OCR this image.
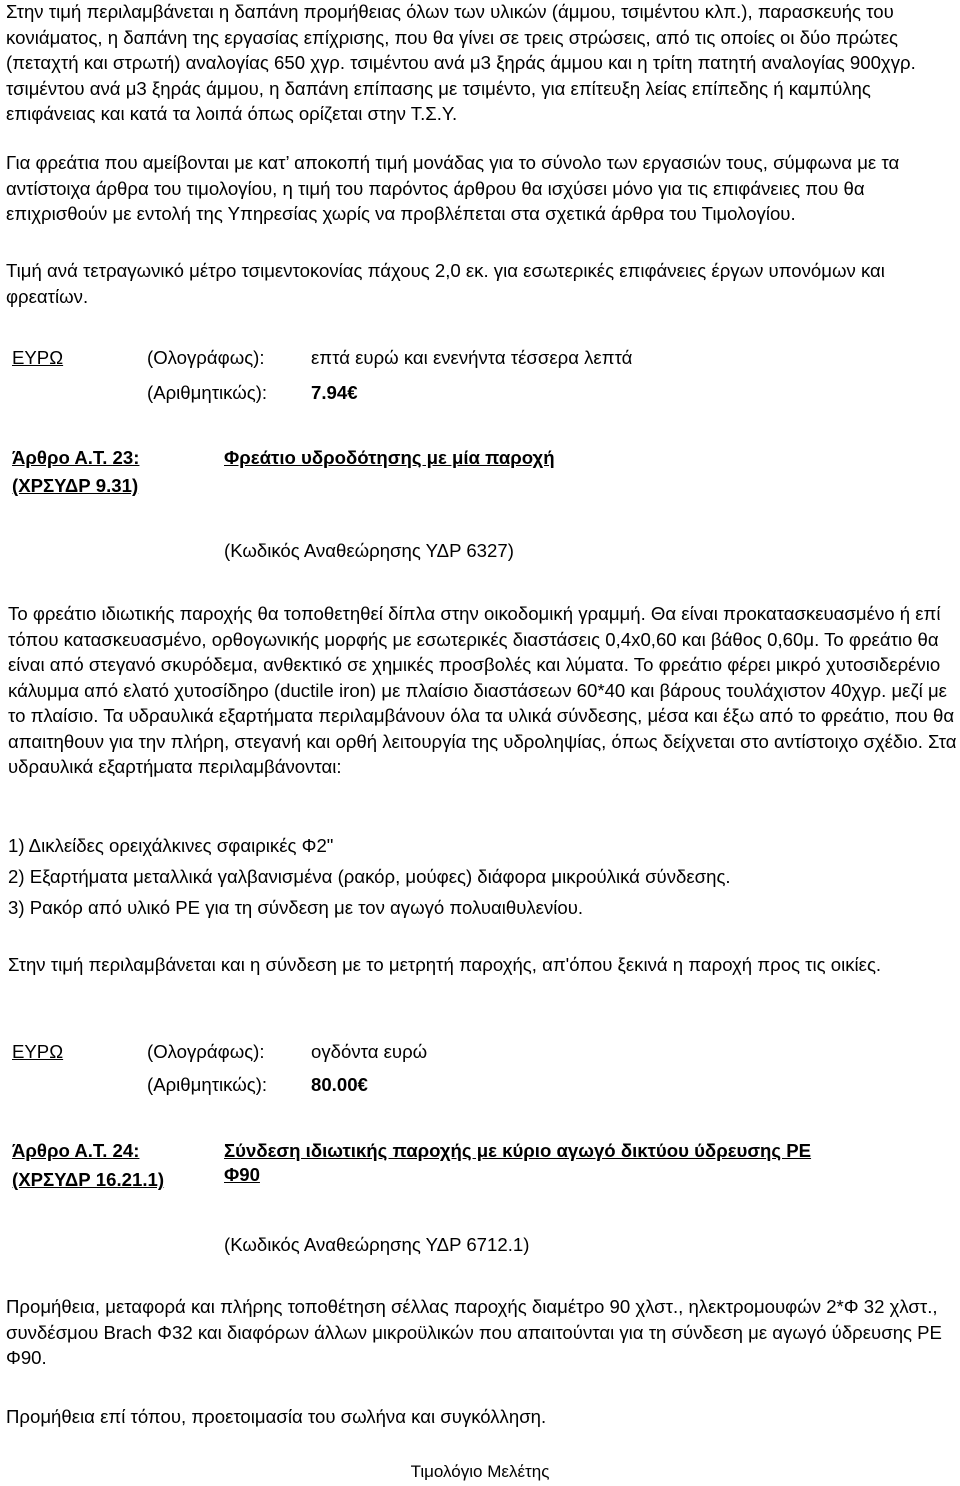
Στην τιμή περιλαμβάνεται η δαπάνη προμήθειας όλων των υλικών (άμμου, τσιμέντου κλπ.), παρασκευής του κονιάματος, η δαπάνη της εργασίας επίχρισης, που θα γίνει σε τρεις στρώσεις, από τις οποίες οι δύο πρώτες (πεταχτή και στρωτή) αναλογίας 650 χγρ. τσιμέντου ανά μ3 ξηράς άμμου και η τρίτη πατητή αναλογίας 900χγρ. τσιμέντου ανά μ3 ξηράς άμμου, η δαπάνη επίπασης με τσιμέντο, για επίτευξη λείας επίπεδης ή καμπύλης επιφάνειας και κατά τα λοιπά όπως ορίζεται στην Τ.Σ.Υ.

Για φρεάτια που αμείβονται με κατ’ αποκοπή τιμή μονάδας για το σύνολο των εργασιών τους, σύμφωνα με τα αντίστοιχα άρθρα του τιμολογίου, η τιμή του παρόντος άρθρου θα ισχύσει μόνο για τις επιφάνειες που θα επιχρισθούν με εντολή της Υπηρεσίας χωρίς να προβλέπεται στα σχετικά άρθρα του Τιμολογίου.

Τιμή ανά τετραγωνικό μέτρο τσιμεντοκονίας πάχους 2,0 εκ. για εσωτερικές επιφάνειες έργων υπονόμων και φρεατίων.

ΕΥΡΩ	(Ολογράφως): επτά ευρώ και ενενήντα τέσσερα λεπτά
(Αριθμητικώς): 7.94€
Άρθρο Α.Τ. 23:
(ΧΡΣΥΔΡ 9.31)
Φρεάτιο υδροδότησης με μία παροχή
(Κωδικός Αναθεώρησης ΥΔΡ 6327)

Το φρεάτιο ιδιωτικής παροχής θα τοποθετηθεί δίπλα στην οικοδομική γραμμή. Θα είναι προκατασκευασμένο ή επί τόπου κατασκευασμένο, ορθογωνικής μορφής με εσωτερικές διαστάσεις 0,4x0,60 και βάθος 0,60μ. Το φρεάτιο θα είναι από στεγανό σκυρόδεμα, ανθεκτικό σε χημικές προσβολές και λύματα. Το φρεάτιο φέρει μικρό χυτοσιδερένιο κάλυμμα από ελατό χυτοσίδηρο (ductile iron) με πλαίσιο διαστάσεων 60*40 και βάρους τουλάχιστον 40χγρ. μεζί με το πλαίσιο. Τα υδραυλικά εξαρτήματα περιλαμβάνουν όλα τα υλικά σύνδεσης, μέσα και έξω από το φρεάτιο, που θα απαιτηθουν για την πλήρη, στεγανή και ορθή λειτουργία της υδροληψίας, όπως δείχνεται στο αντίστοιχο σχέδιο. Στα υδραυλικά εξαρτήματα περιλαμβάνονται:

1) Δικλείδες ορειχάλκινες σφαιρικές Φ2"
2) Εξαρτήματα μεταλλικά γαλβανισμένα (ρακόρ, μούφες) διάφορα μικρούλικά σύνδεσης.
3) Ρακόρ από υλικό PE για τη σύνδεση με τον αγωγό πολυαιθυλενίου.

Στην τιμή περιλαμβάνεται και η σύνδεση με το μετρητή παροχής, απ'όπου ξεκινά η παροχή προς τις οικίες.

ΕΥΡΩ	(Ολογράφως): ογδόντα ευρώ
(Αριθμητικώς): 80.00€
Άρθρο Α.Τ. 24:
(ΧΡΣΥΔΡ 16.21.1)
Σύνδεση ιδιωτικής παροχής με κύριο αγωγό δικτύου ύδρευσης PE
Φ90
(Κωδικός Αναθεώρησης ΥΔΡ 6712.1)

Προμήθεια, μεταφορά και πλήρης τοποθέτηση σέλλας παροχής διαμέτρο 90 χλστ., ηλεκτρομουφών 2*Φ 32 χλστ., συνδέσμου Brach Φ32 και διαφόρων άλλων μικροϋλικών που απαιτούνται για τη σύνδεση με αγωγό ύδρευσης PE Φ90.

Προμήθεια επί τόπου, προετοιμασία του σωλήνα και συγκόλληση.

Τιμολόγιο Μελέτης
